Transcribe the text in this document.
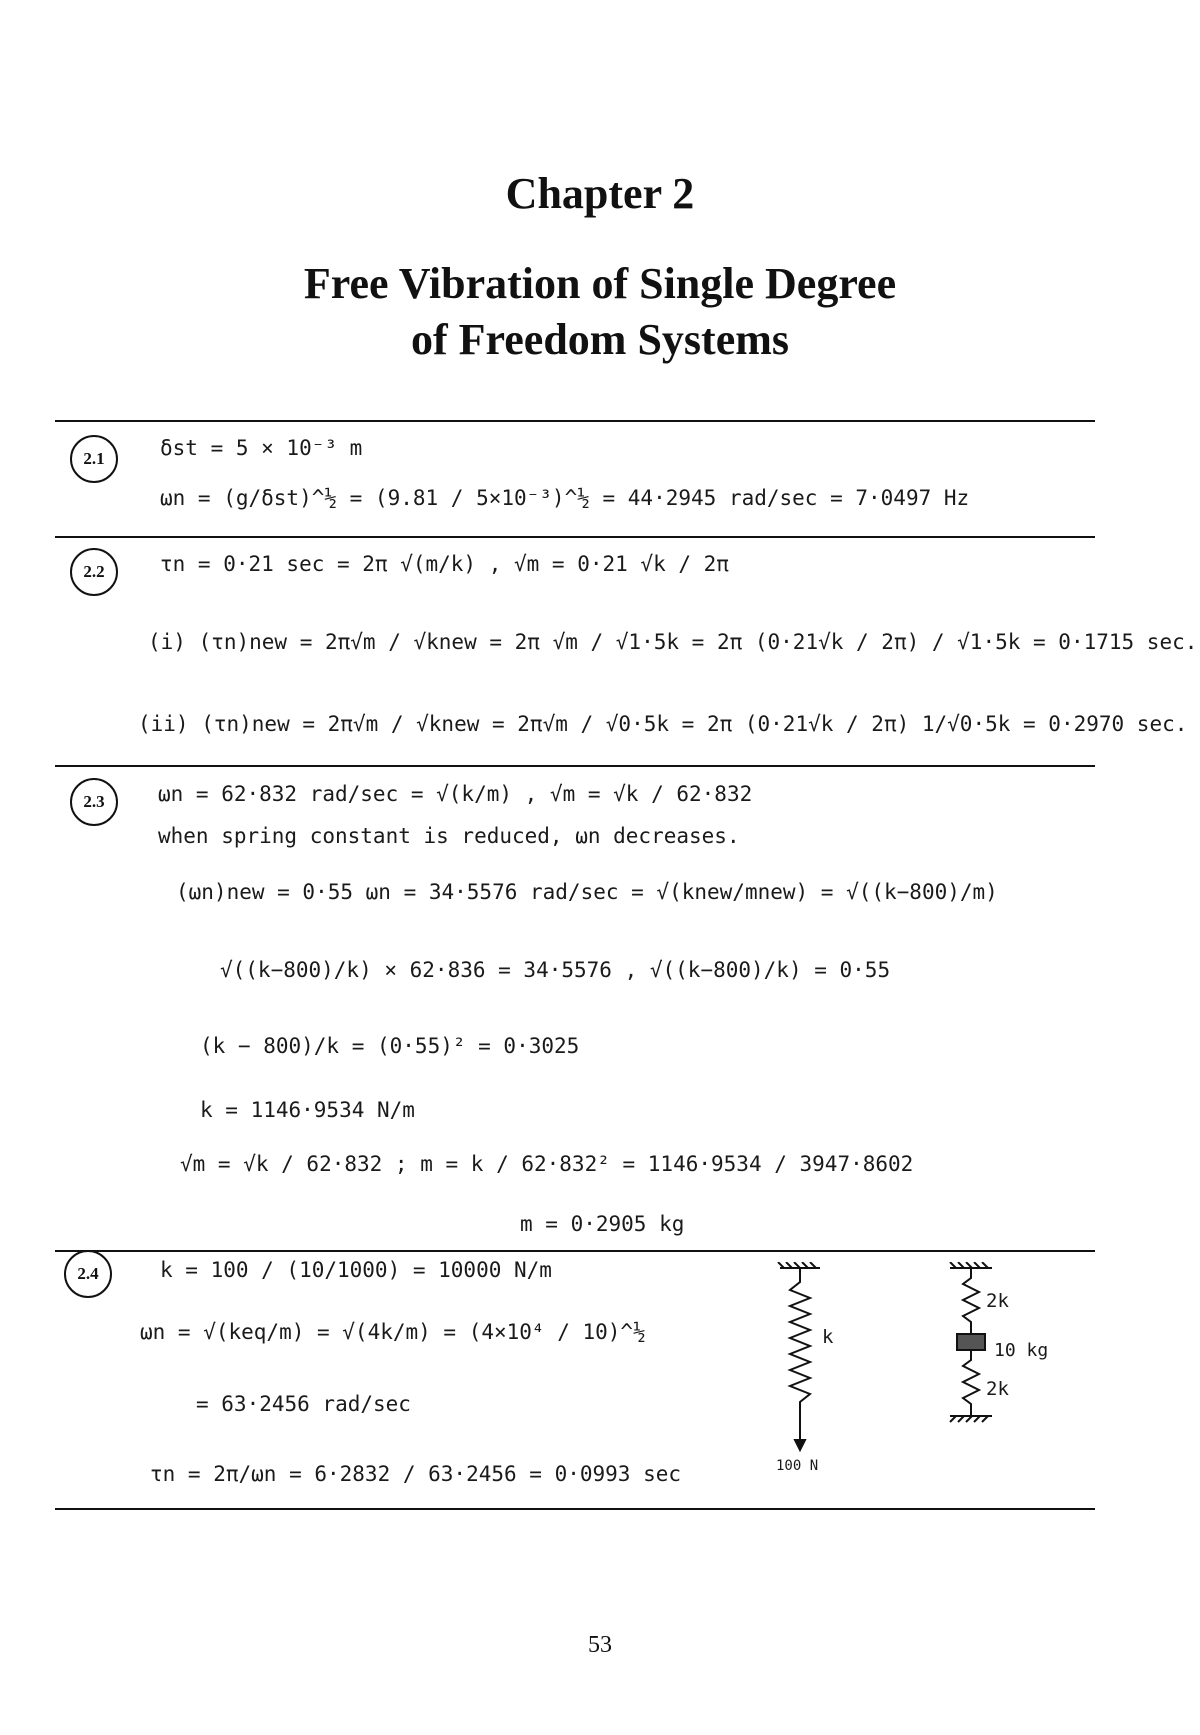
Chapter 2
Free Vibration of Single Degree
of Freedom Systems
2.1	δst = 5 × 10⁻³ m
ωn = (g/δst)^½ = (9.81 / 5×10⁻³)^½ = 44·2945 rad/sec = 7·0497 Hz
2.2	τn = 0·21 sec = 2π √(m/k) , √m = 0·21 √k / 2π
(i) (τn)new = 2π√m / √knew = 2π √m / √1·5k = 2π (0·21√k / 2π) / √1·5k = 0·1715 sec.
(ii) (τn)new = 2π√m / √knew = 2π√m / √0·5k = 2π (0·21√k / 2π) 1/√0·5k = 0·2970 sec.
2.3	ωn = 62·832 rad/sec = √(k/m) , √m = √k / 62·832
when spring constant is reduced, ωn decreases.
(ωn)new = 0·55 ωn = 34·5576 rad/sec = √(knew/mnew) = √((k−800)/m)
√((k−800)/k) × 62·836 = 34·5576 , √((k−800)/k) = 0·55
(k − 800)/k = (0·55)² = 0·3025
k = 1146·9534 N/m
√m = √k / 62·832 ; m = k / 62·832² = 1146·9534 / 3947·8602
m = 0·2905 kg
2.4	k = 100 / (10/1000) = 10000 N/m
ωn = √(keq/m) = √(4k/m) = (4×10⁴ / 10)^½
= 63·2456 rad/sec
τn = 2π/ωn = 6·2832 / 63·2456 = 0·0993 sec
k
100 N
2k
10 kg
2k
53
